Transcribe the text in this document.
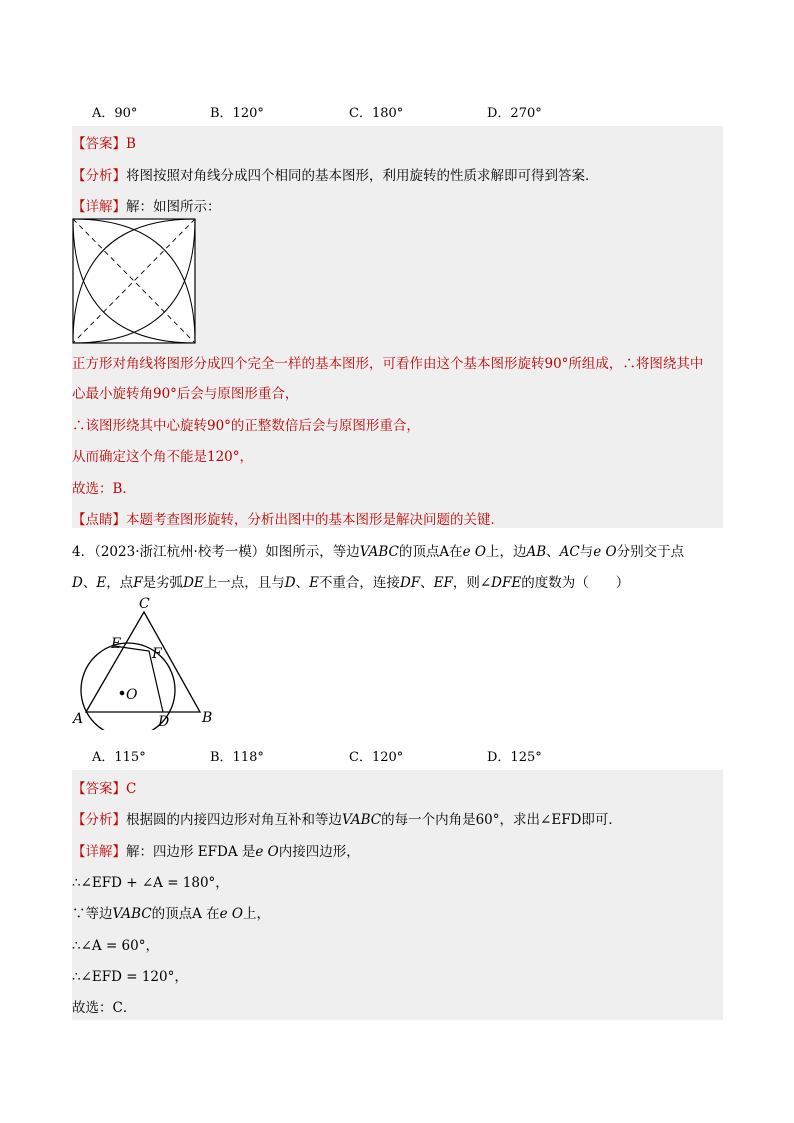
A．90°	B．120°	C．180°	D．270°
【答案】B
【分析】将图按照对角线分成四个相同的基本图形，利用旋转的性质求解即可得到答案．
【详解】解：如图所示：
正方形对角线将图形分成四个完全一样的基本图形，可看作由这个基本图形旋转90°所组成，∴将图绕其中
心最小旋转角90°后会与原图形重合，
∴该图形绕其中心旋转90°的正整数倍后会与原图形重合，
从而确定这个角不能是120°，
故选：B．
【点睛】本题考查图形旋转，分析出图中的基本图形是解决问题的关键．
4．（2023·浙江杭州·校考一模）如图所示，等边VABC的顶点A在e O上，边AB、AC与e O分别交于点
D、E，点F是劣弧DE上一点，且与D、E不重合，连接DF、EF，则∠DFE的度数为（　　）
C
E
F
O
A	D B
A．115°	B．118°	C．120°	D．125°
【答案】C
【分析】根据圆的内接四边形对角互补和等边VABC的每一个内角是60°，求出∠EFD即可．
【详解】解：四边形 EFDA 是e O内接四边形，
∴∠EFD + ∠A = 180°，
∵等边VABC的顶点A 在e O上，
∴∠A = 60°，
∴∠EFD = 120°，
故选：C．
